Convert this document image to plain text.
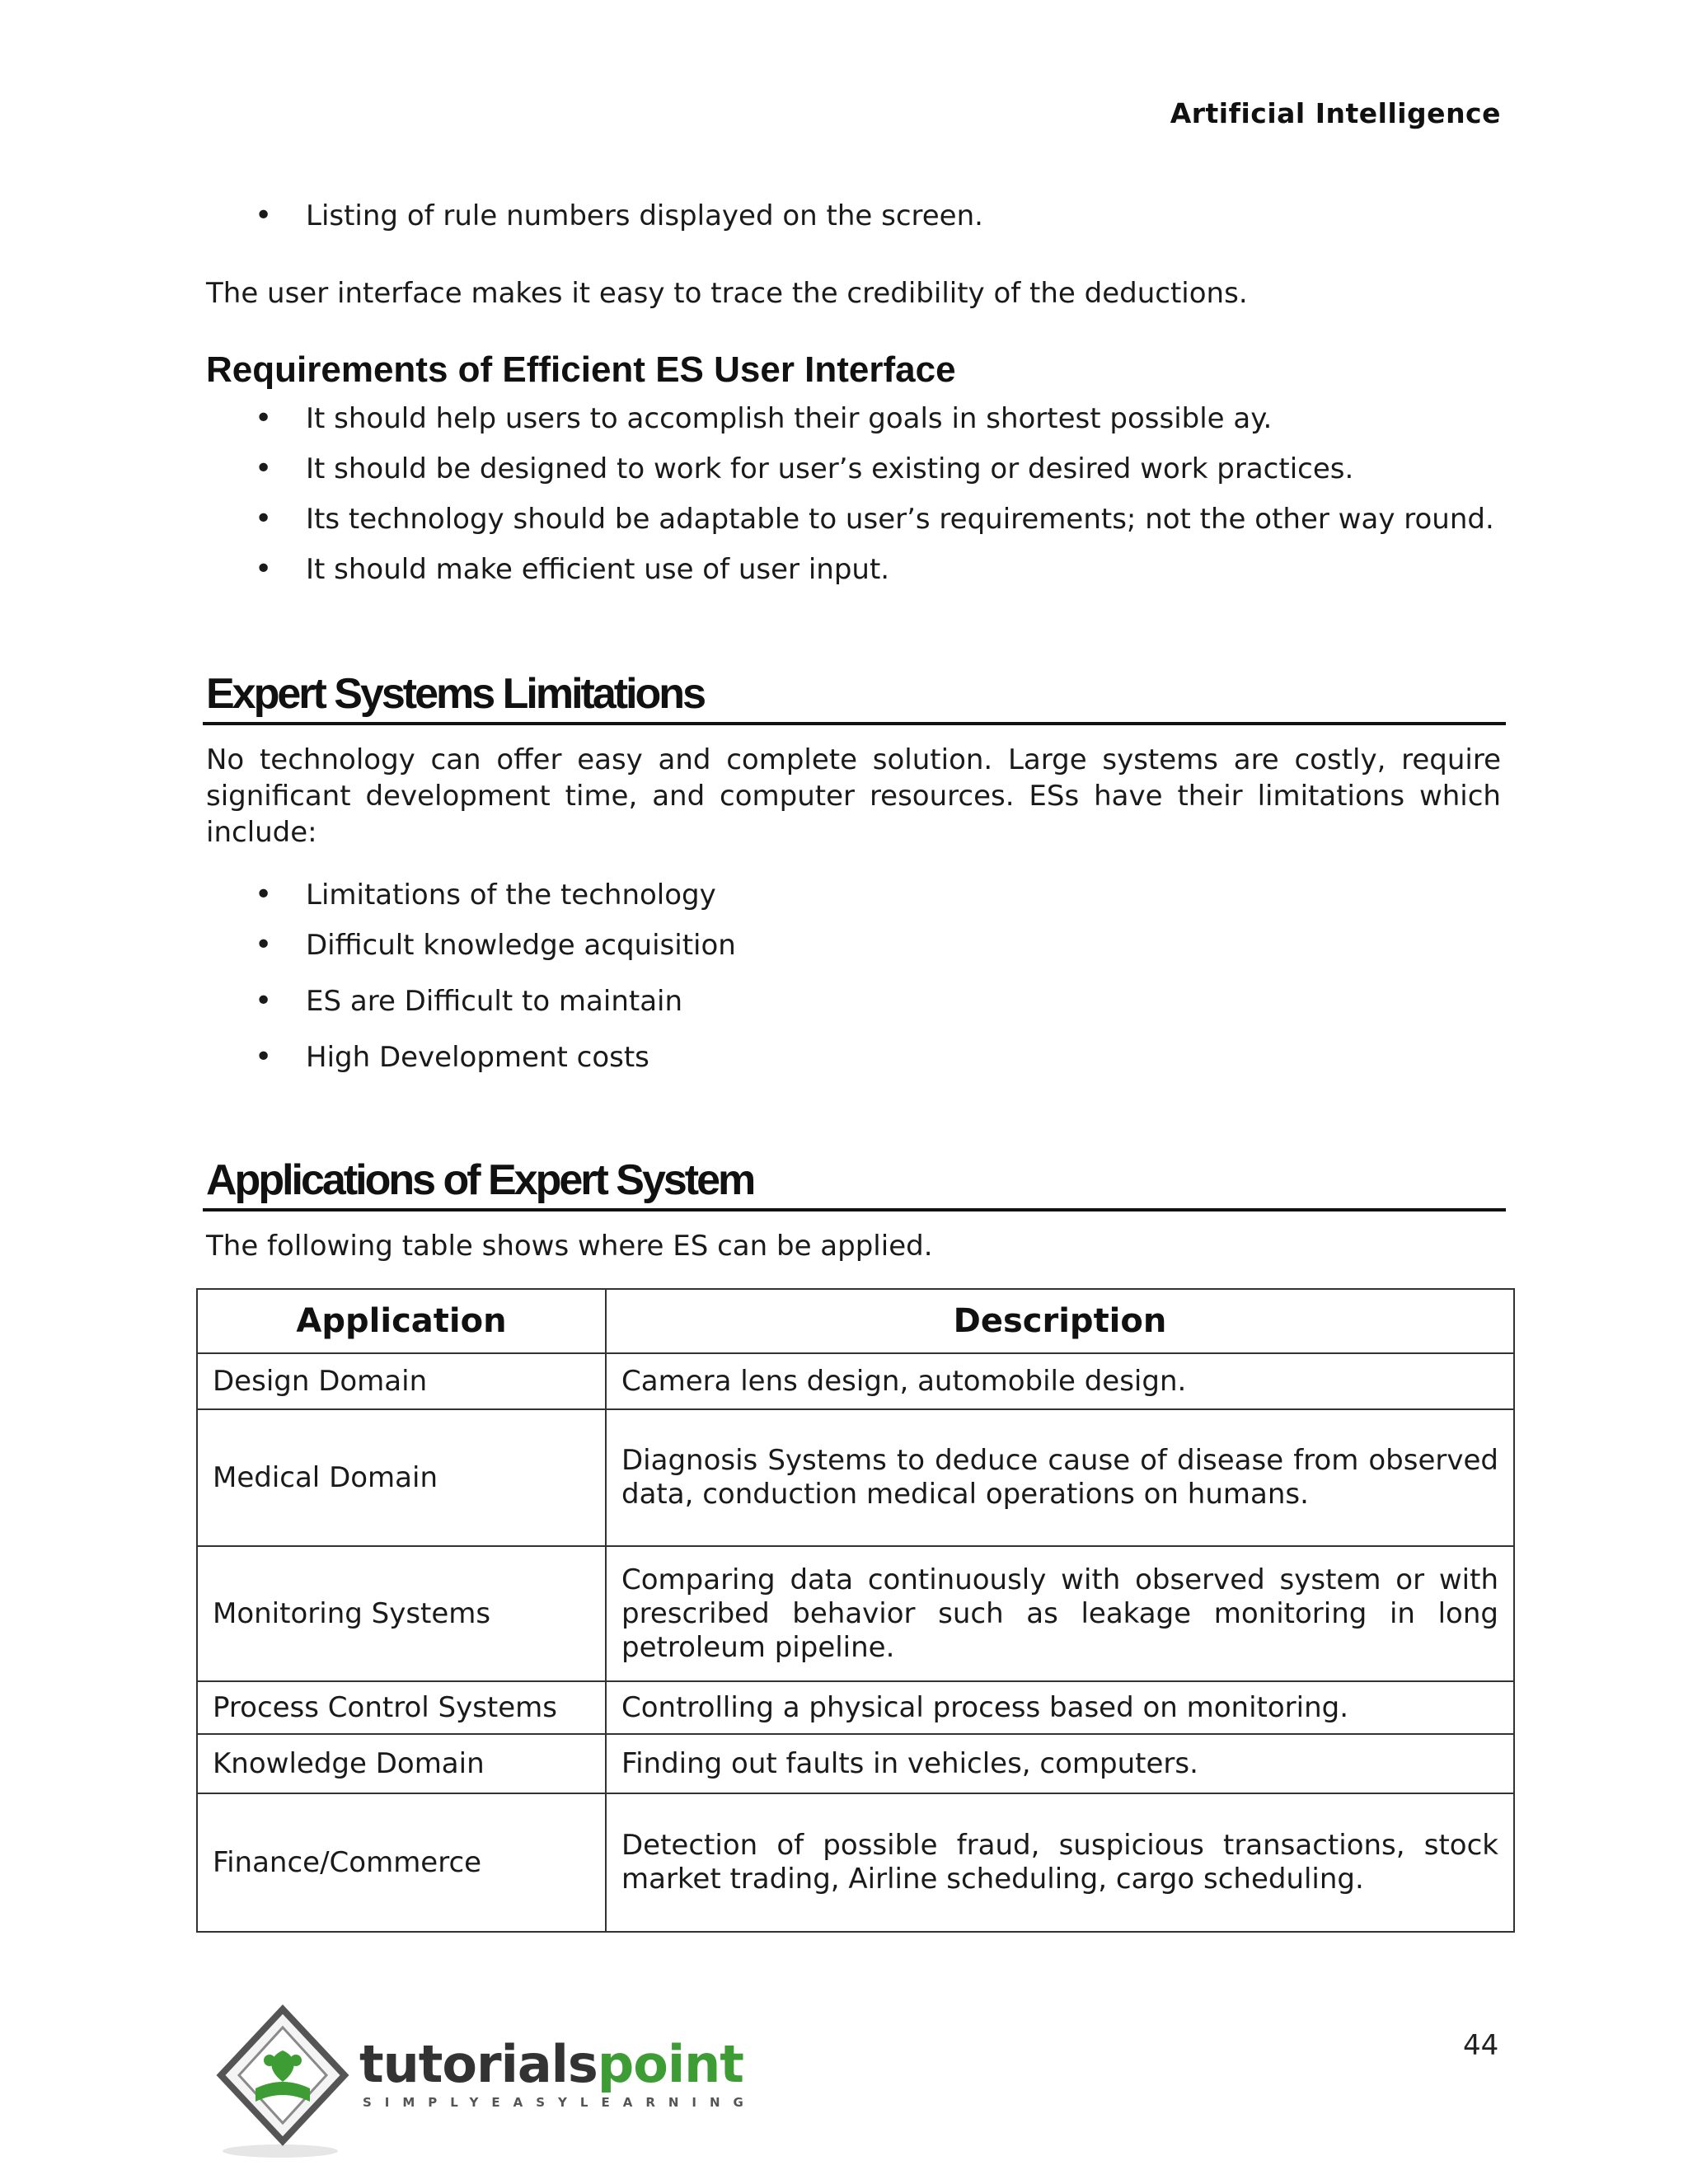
Artificial Intelligence
• Listing of rule numbers displayed on the screen.
The user interface makes it easy to trace the credibility of the deductions.
Requirements of Efficient ES User Interface
• It should help users to accomplish their goals in shortest possible ay.
• It should be designed to work for user’s existing or desired work practices.
• Its technology should be adaptable to user’s requirements; not the other way round.
• It should make efficient use of user input.
Expert Systems Limitations
No technology can offer easy and complete solution. Large systems are costly, require significant development time, and computer resources. ESs have their limitations which include:
• Limitations of the technology
• Difficult knowledge acquisition
• ES are Difficult to maintain
• High Development costs
Applications of Expert System
The following table shows where ES can be applied.
Application	Description
Design Domain	Camera lens design, automobile design.
Medical Domain	Diagnosis Systems to deduce cause of disease from observed data, conduction medical operations on humans.
Monitoring Systems	Comparing data continuously with observed system or with prescribed behavior such as leakage monitoring in long petroleum pipeline.
Process Control Systems	Controlling a physical process based on monitoring.
Knowledge Domain	Finding out faults in vehicles, computers.
Finance/Commerce	Detection of possible fraud, suspicious transactions, stock market trading, Airline scheduling, cargo scheduling.
tutorialspoint
SIMPLYEASYLEARNING
44
